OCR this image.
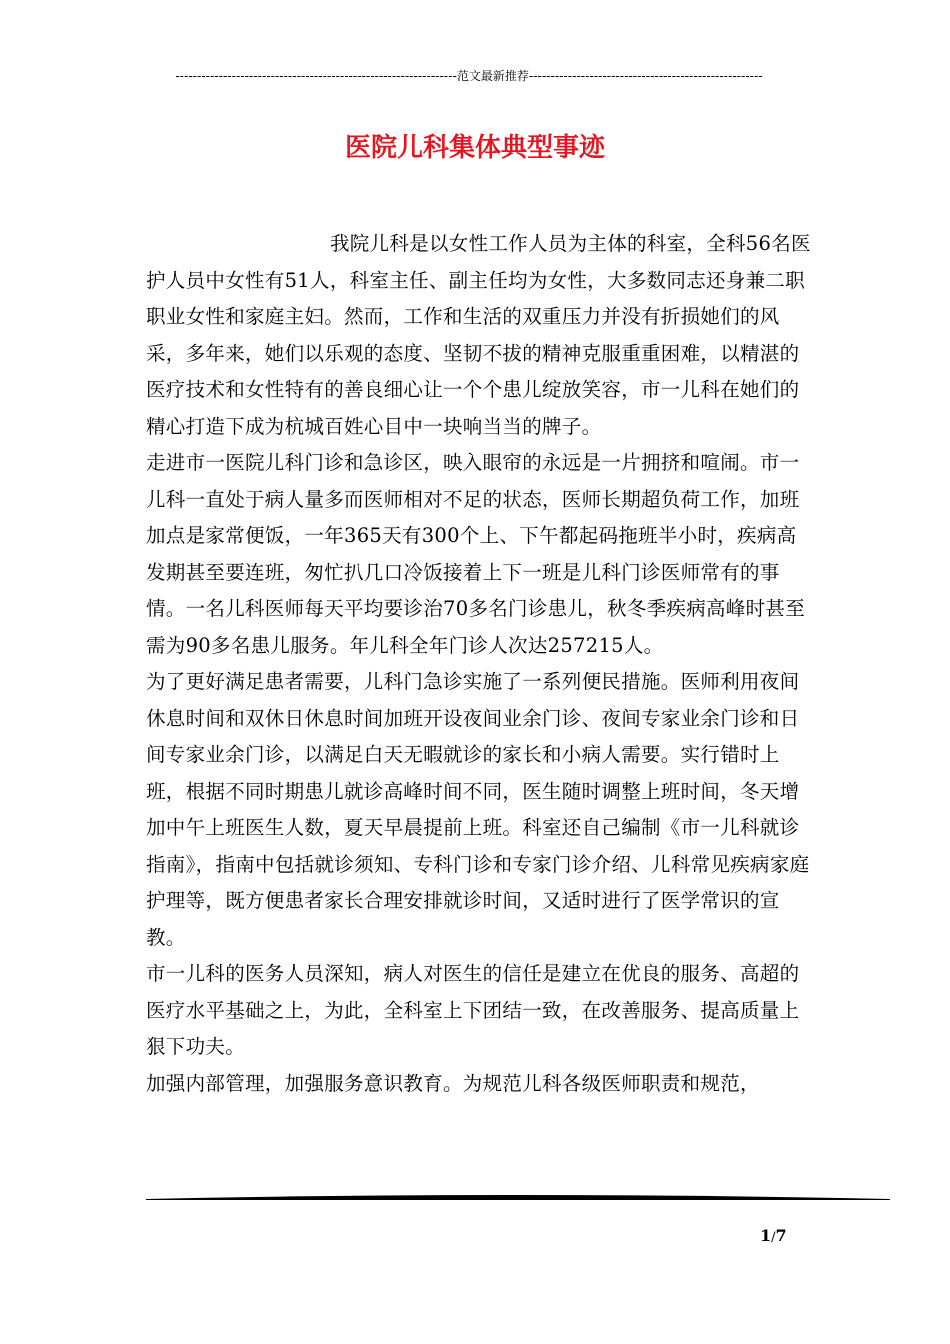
-----------------------------------------------------------------范文最新推荐------------------------------------------------------
医院儿科集体典型事迹

我院儿科是以女性工作人员为主体的科室，全科56名医护人员中女性有51人，科室主任、副主任均为女性，大多数同志还身兼二职职业女性和家庭主妇。然而，工作和生活的双重压力并没有折损她们的风采，多年来，她们以乐观的态度、坚韧不拔的精神克服重重困难，以精湛的医疗技术和女性特有的善良细心让一个个患儿绽放笑容，市一儿科在她们的精心打造下成为杭城百姓心目中一块响当当的牌子。

走进市一医院儿科门诊和急诊区，映入眼帘的永远是一片拥挤和喧闹。市一儿科一直处于病人量多而医师相对不足的状态，医师长期超负荷工作，加班加点是家常便饭，一年365天有300个上、下午都起码拖班半小时，疾病高发期甚至要连班，匆忙扒几口冷饭接着上下一班是儿科门诊医师常有的事情。一名儿科医师每天平均要诊治70多名门诊患儿，秋冬季疾病高峰时甚至需为90多名患儿服务。年儿科全年门诊人次达257215人。

为了更好满足患者需要，儿科门急诊实施了一系列便民措施。医师利用夜间休息时间和双休日休息时间加班开设夜间业余门诊、夜间专家业余门诊和日间专家业余门诊，以满足白天无暇就诊的家长和小病人需要。实行错时上班，根据不同时期患儿就诊高峰时间不同，医生随时调整上班时间，冬天增加中午上班医生人数，夏天早晨提前上班。科室还自己编制《市一儿科就诊指南》，指南中包括就诊须知、专科门诊和专家门诊介绍、儿科常见疾病家庭护理等，既方便患者家长合理安排就诊时间，又适时进行了医学常识的宣教。

市一儿科的医务人员深知，病人对医生的信任是建立在优良的服务、高超的医疗水平基础之上，为此，全科室上下团结一致，在改善服务、提高质量上狠下功夫。

加强内部管理，加强服务意识教育。为规范儿科各级医师职责和规范，

1/7
